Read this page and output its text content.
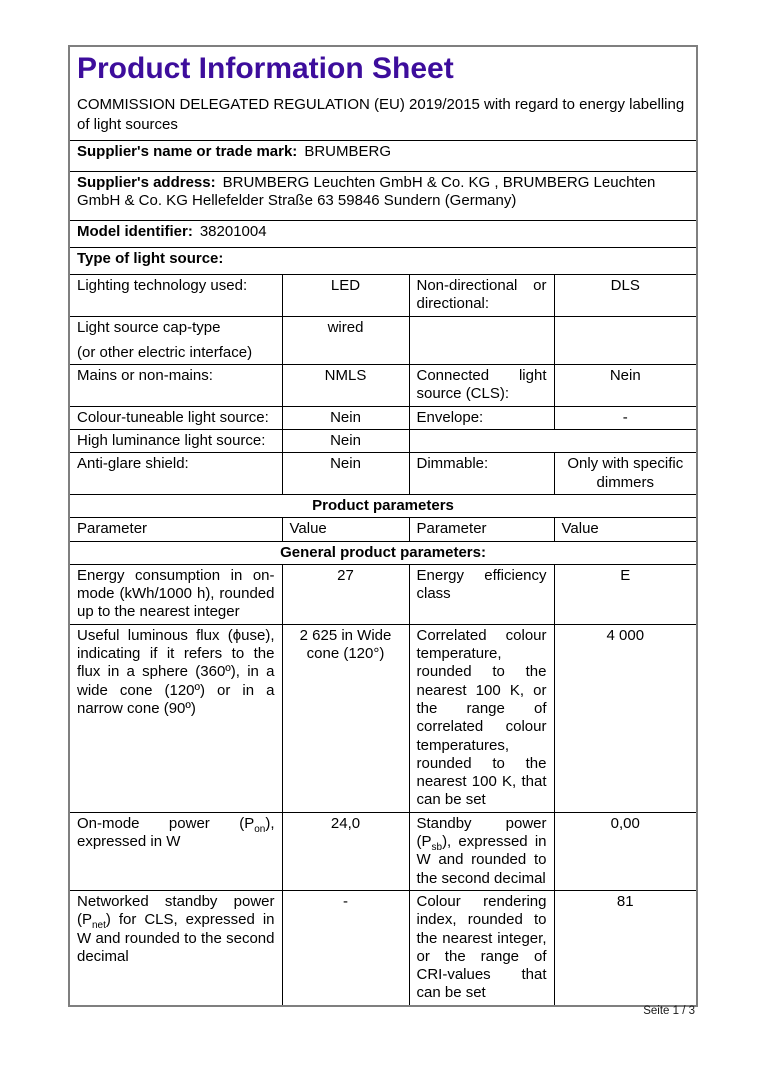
Product Information Sheet

COMMISSION DELEGATED REGULATION (EU) 2019/2015 with regard to energy labelling of light sources

Supplier's name or trade mark: BRUMBERG			
Supplier's address: BRUMBERG Leuchten GmbH & Co. KG , BRUMBERG Leuchten GmbH & Co. KG Hellefelder Straße 63 59846 Sundern (Germany)			
Model identifier: 38201004			
Type of light source:			
Lighting technology used:	LED	Non-directional or directional:	DLS

Light source cap-type
(or other electric interface)	wired		
Mains or non-mains:	NMLS	Connected light source (CLS):	Nein
Colour-tuneable light source:	Nein	Envelope:	-
High luminance light source:	Nein		
Anti-glare shield:	Nein	Dimmable:	Only with specific dimmers
Product parameters			
Parameter	Value	Parameter	Value
General product parameters:			
Energy consumption in on-mode (kWh/1000 h), rounded up to the nearest integer	27	Energy efficiency class	E
Useful luminous flux (ϕuse), indicating if it refers to the flux in a sphere (360º), in a wide cone (120º) or in a narrow cone (90º)	2 625 in Wide cone (120°)	Correlated colour temperature, rounded to the nearest 100 K, or the range of correlated colour temperatures, rounded to the nearest 100 K, that can be set	4 000
On-mode power $(P_{on})$, expressed in W	24,0	Standby power $(P_{sb})$, expressed in W and rounded to the second decimal	0,00
Networked standby power $(P_{net})$ for CLS, expressed in W and rounded to the second decimal	-	Colour rendering index, rounded to the nearest integer, or the range of CRI-values that can be set	81
Seite 1 / 3
